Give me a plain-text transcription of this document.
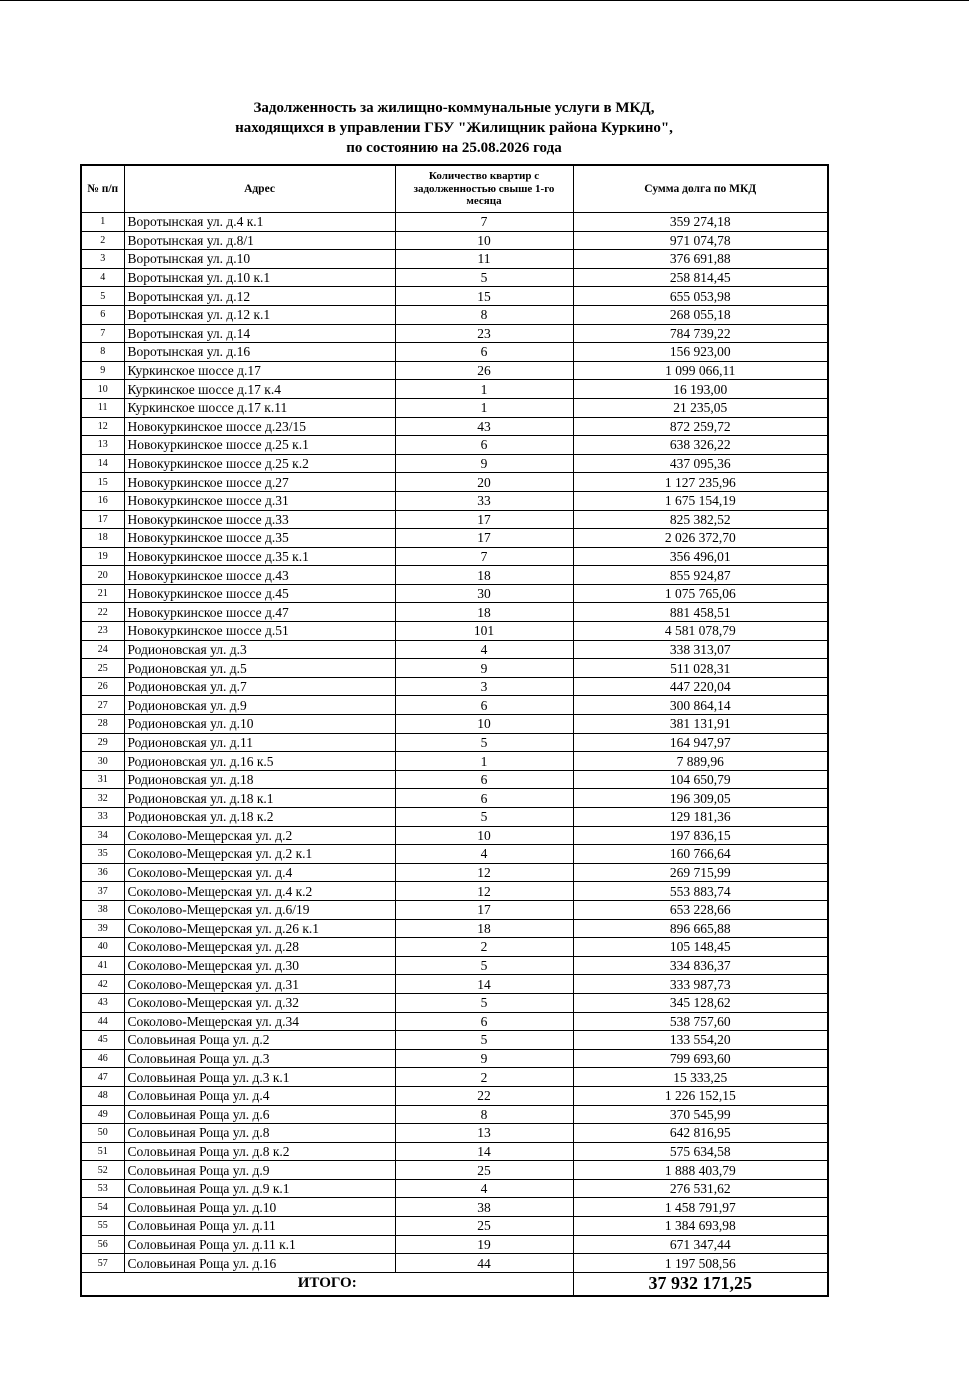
Задолженность за жилищно-коммунальные услуги в МКД,
находящихся в управлении ГБУ "Жилищник района Куркино",
по состоянию на 25.08.2026 года
№ п/п	Адрес	Количество квартир с задолженностью свыше 1-го месяца	Сумма долга по МКД
1	Воротынская ул. д.4 к.1	7	359 274,18
2	Воротынская ул. д.8/1	10	971 074,78
3	Воротынская ул. д.10	11	376 691,88
4	Воротынская ул. д.10 к.1	5	258 814,45
5	Воротынская ул. д.12	15	655 053,98
6	Воротынская ул. д.12 к.1	8	268 055,18
7	Воротынская ул. д.14	23	784 739,22
8	Воротынская ул. д.16	6	156 923,00
9	Куркинское шоссе д.17	26	1 099 066,11
10	Куркинское шоссе д.17 к.4	1	16 193,00
11	Куркинское шоссе д.17 к.11	1	21 235,05
12	Новокуркинское шоссе д.23/15	43	872 259,72
13	Новокуркинское шоссе д.25 к.1	6	638 326,22
14	Новокуркинское шоссе д.25 к.2	9	437 095,36
15	Новокуркинское шоссе д.27	20	1 127 235,96
16	Новокуркинское шоссе д.31	33	1 675 154,19
17	Новокуркинское шоссе д.33	17	825 382,52
18	Новокуркинское шоссе д.35	17	2 026 372,70
19	Новокуркинское шоссе д.35 к.1	7	356 496,01
20	Новокуркинское шоссе д.43	18	855 924,87
21	Новокуркинское шоссе д.45	30	1 075 765,06
22	Новокуркинское шоссе д.47	18	881 458,51
23	Новокуркинское шоссе д.51	101	4 581 078,79
24	Родионовская ул. д.3	4	338 313,07
25	Родионовская ул. д.5	9	511 028,31
26	Родионовская ул. д.7	3	447 220,04
27	Родионовская ул. д.9	6	300 864,14
28	Родионовская ул. д.10	10	381 131,91
29	Родионовская ул. д.11	5	164 947,97
30	Родионовская ул. д.16 к.5	1	7 889,96
31	Родионовская ул. д.18	6	104 650,79
32	Родионовская ул. д.18 к.1	6	196 309,05
33	Родионовская ул. д.18 к.2	5	129 181,36
34	Соколово-Мещерская ул. д.2	10	197 836,15
35	Соколово-Мещерская ул. д.2 к.1	4	160 766,64
36	Соколово-Мещерская ул. д.4	12	269 715,99
37	Соколово-Мещерская ул. д.4 к.2	12	553 883,74
38	Соколово-Мещерская ул. д.6/19	17	653 228,66
39	Соколово-Мещерская ул. д.26 к.1	18	896 665,88
40	Соколово-Мещерская ул. д.28	2	105 148,45
41	Соколово-Мещерская ул. д.30	5	334 836,37
42	Соколово-Мещерская ул. д.31	14	333 987,73
43	Соколово-Мещерская ул. д.32	5	345 128,62
44	Соколово-Мещерская ул. д.34	6	538 757,60
45	Соловьиная Роща ул. д.2	5	133 554,20
46	Соловьиная Роща ул. д.3	9	799 693,60
47	Соловьиная Роща ул. д.3 к.1	2	15 333,25
48	Соловьиная Роща ул. д.4	22	1 226 152,15
49	Соловьиная Роща ул. д.6	8	370 545,99
50	Соловьиная Роща ул. д.8	13	642 816,95
51	Соловьиная Роща ул. д.8 к.2	14	575 634,58
52	Соловьиная Роща ул. д.9	25	1 888 403,79
53	Соловьиная Роща ул. д.9 к.1	4	276 531,62
54	Соловьиная Роща ул. д.10	38	1 458 791,97
55	Соловьиная Роща ул. д.11	25	1 384 693,98
56	Соловьиная Роща ул. д.11 к.1	19	671 347,44
57	Соловьиная Роща ул. д.16	44	1 197 508,56
ИТОГО:			37 932 171,25
